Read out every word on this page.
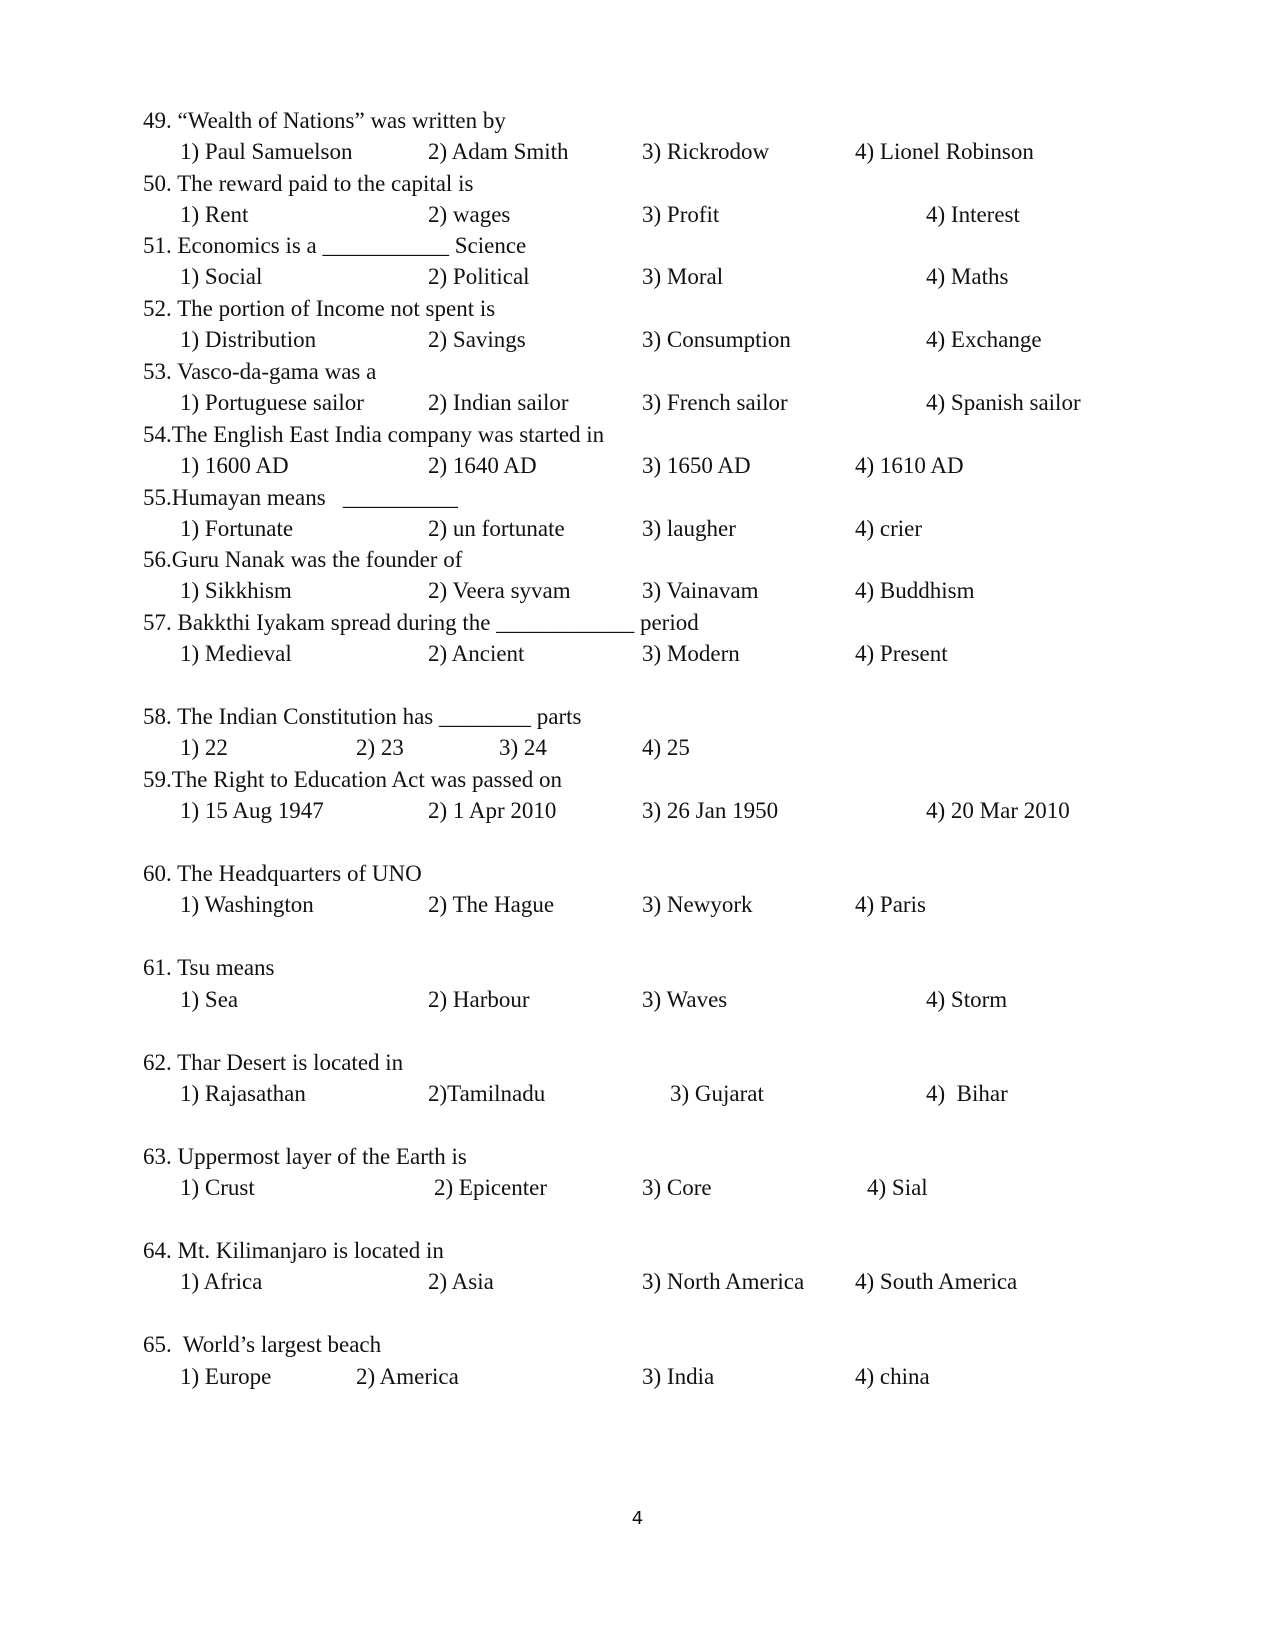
49. “Wealth of Nations” was written by
1) Paul Samuelson	2) Adam Smith	3) Rickrodow	4) Lionel Robinson
50. The reward paid to the capital is
1) Rent	2) wages	3) Profit	4) Interest
51. Economics is a ___________ Science
1) Social	2) Political	3) Moral	4) Maths
52. The portion of Income not spent is
1) Distribution	2) Savings	3) Consumption	4) Exchange
53. Vasco-da-gama was a
1) Portuguese sailor	2) Indian sailor	3) French sailor	4) Spanish sailor
54.The English East India company was started in
1) 1600 AD	2) 1640 AD	3) 1650 AD	4) 1610 AD
55.Humayan means   __________
1) Fortunate	2) un fortunate	3) laugher	4) crier
56.Guru Nanak was the founder of
1) Sikkhism	2) Veera syvam	3) Vainavam	4) Buddhism
57. Bakkthi Iyakam spread during the ____________ period
1) Medieval	2) Ancient	3) Modern	4) Present
58. The Indian Constitution has ________ parts
1) 22	2) 23	3) 24	4) 25
59.The Right to Education Act was passed on
1) 15 Aug 1947	2) 1 Apr 2010	3) 26 Jan 1950	4) 20 Mar 2010
60. The Headquarters of UNO
1) Washington	2) The Hague	3) Newyork	4) Paris
61. Tsu means
1) Sea	2) Harbour	3) Waves	4) Storm
62. Thar Desert is located in
1) Rajasathan	2)Tamilnadu	3) Gujarat	4)  Bihar
63. Uppermost layer of the Earth is
1) Crust	2) Epicenter	3) Core	4) Sial
64. Mt. Kilimanjaro is located in
1) Africa	2) Asia	3) North America 4) South America
65.  World’s largest beach
1) Europe	2) America	3) India	4) china
4
